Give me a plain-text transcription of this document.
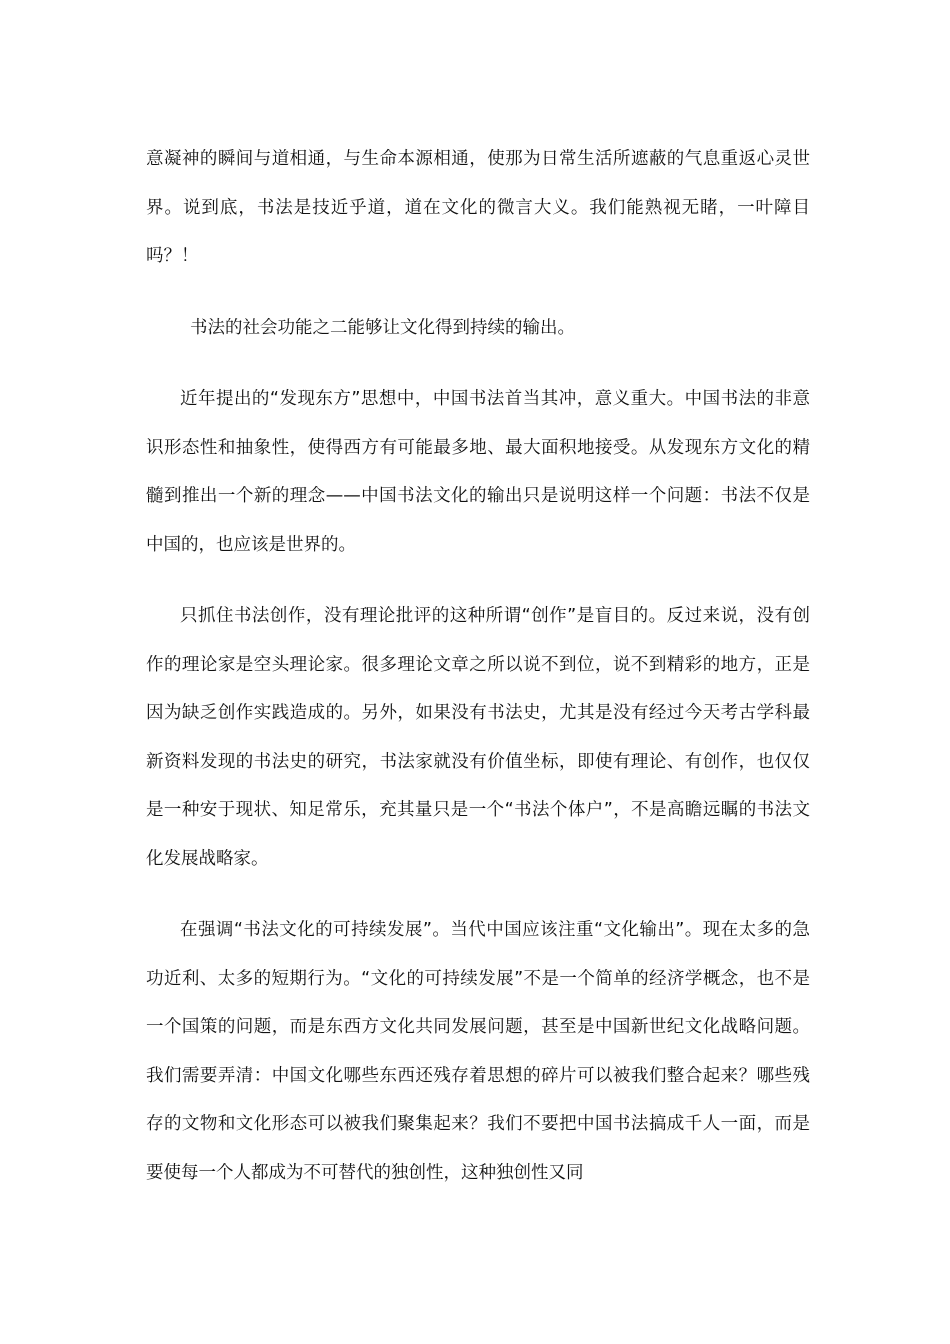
意凝神的瞬间与道相通，与生命本源相通，使那为日常生活所遮蔽的气息重返心灵世界。说到底，书法是技近乎道，道在文化的微言大义。我们能熟视无睹，一叶障目吗？！

书法的社会功能之二能够让文化得到持续的输出。

近年提出的“发现东方”思想中，中国书法首当其冲，意义重大。中国书法的非意识形态性和抽象性，使得西方有可能最多地、最大面积地接受。从发现东方文化的精髓到推出一个新的理念——中国书法文化的输出只是说明这样一个问题：书法不仅是中国的，也应该是世界的。

只抓住书法创作，没有理论批评的这种所谓“创作”是盲目的。反过来说，没有创作的理论家是空头理论家。很多理论文章之所以说不到位，说不到精彩的地方，正是因为缺乏创作实践造成的。另外，如果没有书法史，尤其是没有经过今天考古学科最新资料发现的书法史的研究，书法家就没有价值坐标，即使有理论、有创作，也仅仅是一种安于现状、知足常乐，充其量只是一个“书法个体户”，不是高瞻远瞩的书法文化发展战略家。

在强调“书法文化的可持续发展”。当代中国应该注重“文化输出”。现在太多的急功近利、太多的短期行为。“文化的可持续发展”不是一个简单的经济学概念，也不是一个国策的问题，而是东西方文化共同发展问题，甚至是中国新世纪文化战略问题。我们需要弄清：中国文化哪些东西还残存着思想的碎片可以被我们整合起来？哪些残存的文物和文化形态可以被我们聚集起来？我们不要把中国书法搞成千人一面，而是要使每一个人都成为不可替代的独创性，这种独创性又同
